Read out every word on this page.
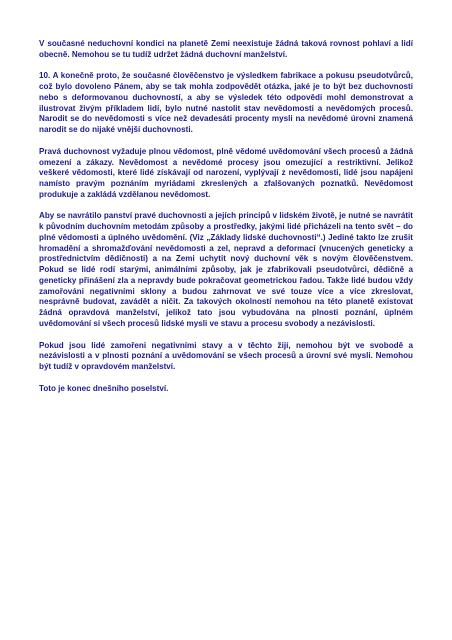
V současné neduchovní kondici na planetě Zemi neexistuje žádná taková rovnost pohlaví a lidí obecně. Nemohou se tu tudíž udržet žádná duchovní manželství.

10. A konečně proto, že současné člověčenstvo je výsledkem fabrikace a pokusu pseudotvůrců, což bylo dovoleno Pánem, aby se tak mohla zodpovědět otázka, jaké je to být bez duchovnosti nebo s deformovanou duchovností, a aby se výsledek této odpovědi mohl demonstrovat a ilustrovat živým příkladem lidí, bylo nutné nastolit stav nevědomosti a nevědomých procesů. Narodit se do nevědomosti s více než devadesáti procenty mysli na nevědomé úrovni znamená narodit se do nijaké vnější duchovnosti.

Pravá duchovnost vyžaduje plnou vědomost, plně vědomé uvědomování všech procesů a žádná omezení a zákazy. Nevědomost a nevědomé procesy jsou omezující a restriktivní. Jelikož veškeré vědomosti, které lidé získávají od narození, vyplývají z nevědomosti, lidé jsou napájeni namísto pravým poznáním myriádami zkreslených a zfalšovaných poznatků. Nevědomost produkuje a zakládá vzdělanou nevědomost.

Aby se navrátilo panství pravé duchovnosti a jejích principů v lidském životě, je nutné se navrátit k původním duchovním metodám způsoby a prostředky, jakými lidé přicházeli na tento svět – do plné vědomosti a úplného uvědomění. (Viz „Základy lidské duchovnosti“.) Jediné takto lze zrušit hromadění a shromažďování nevědomosti a zel, nepravd a deformací (vnucených geneticky a prostřednictvím dědičnosti) a na Zemi uchytit nový duchovní věk s novým člověčenstvem. Pokud se lidé rodí starými, animálními způsoby, jak je zfabrikovali pseudotvůrci, dědičně a geneticky přinášení zla a nepravdy bude pokračovat geometrickou řadou. Takže lidé budou vždy zamořováni negativními sklony a budou zahrnovat ve své touze více a více zkreslovat, nesprávně budovat, zavádět a ničit. Za takových okolností nemohou na této planetě existovat žádná opravdová manželství, jelikož tato jsou vybudována na plnosti poznání, úplném uvědomování si všech procesů lidské mysli ve stavu a procesu svobody a nezávislosti.

Pokud jsou lidé zamořeni negativními stavy a v těchto žijí, nemohou být ve svobodě a nezávislosti a v plnosti poznání a uvědomování se všech procesů a úrovní své mysli. Nemohou být tudíž v opravdovém manželství.

Toto je konec dnešního poselství.
